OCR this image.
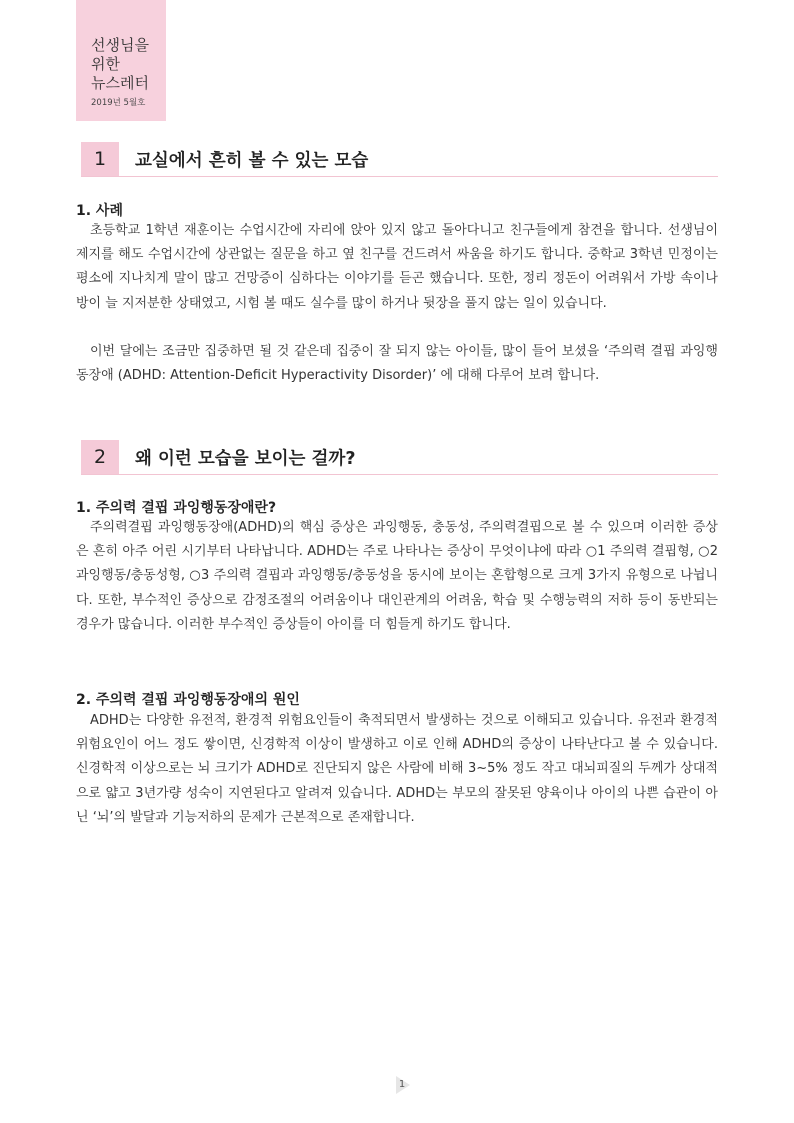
선생님을
위한
뉴스레터
2019년 5월호
1	교실에서 흔히 볼 수 있는 모습
1. 사례

초등학교 1학년 재훈이는 수업시간에 자리에 앉아 있지 않고 돌아다니고 친구들에게 참견을 합니다. 선생님이 제지를 해도 수업시간에 상관없는 질문을 하고 옆 친구를 건드려서 싸움을 하기도 합니다. 중학교 3학년 민정이는 평소에 지나치게 말이 많고 건망증이 심하다는 이야기를 듣곤 했습니다. 또한, 정리 정돈이 어려워서 가방 속이나 방이 늘 지저분한 상태였고, 시험 볼 때도 실수를 많이 하거나 뒷장을 풀지 않는 일이 있습니다.

이번 달에는 조금만 집중하면 될 것 같은데 집중이 잘 되지 않는 아이들, 많이 들어 보셨을 ‘주의력 결핍 과잉행동장애 (ADHD: Attention-Deficit Hyperactivity Disorder)’ 에 대해 다루어 보려 합니다.

2	왜 이런 모습을 보이는 걸까?
1. 주의력 결핍 과잉행동장애란?

주의력결핍 과잉행동장애(ADHD)의 핵심 증상은 과잉행동, 충동성, 주의력결핍으로 볼 수 있으며 이러한 증상은 흔히 아주 어린 시기부터 나타납니다. ADHD는 주로 나타나는 증상이 무엇이냐에 따라 ○1 주의력 결핍형, ○2 과잉행동/충동성형, ○3 주의력 결핍과 과잉행동/충동성을 동시에 보이는 혼합형으로 크게 3가지 유형으로 나뉩니다. 또한, 부수적인 증상으로 감정조절의 어려움이나 대인관계의 어려움, 학습 및 수행능력의 저하 등이 동반되는 경우가 많습니다. 이러한 부수적인 증상들이 아이를 더 힘들게 하기도 합니다.

2. 주의력 결핍 과잉행동장애의 원인

ADHD는 다양한 유전적, 환경적 위험요인들이 축적되면서 발생하는 것으로 이해되고 있습니다. 유전과 환경적 위험요인이 어느 정도 쌓이면, 신경학적 이상이 발생하고 이로 인해 ADHD의 증상이 나타난다고 볼 수 있습니다. 신경학적 이상으로는 뇌 크기가 ADHD로 진단되지 않은 사람에 비해 3~5% 정도 작고 대뇌피질의 두께가 상대적으로 얇고 3년가량 성숙이 지연된다고 알려져 있습니다. ADHD는 부모의 잘못된 양육이나 아이의 나쁜 습관이 아닌 ‘뇌’의 발달과 기능저하의 문제가 근본적으로 존재합니다.

1
